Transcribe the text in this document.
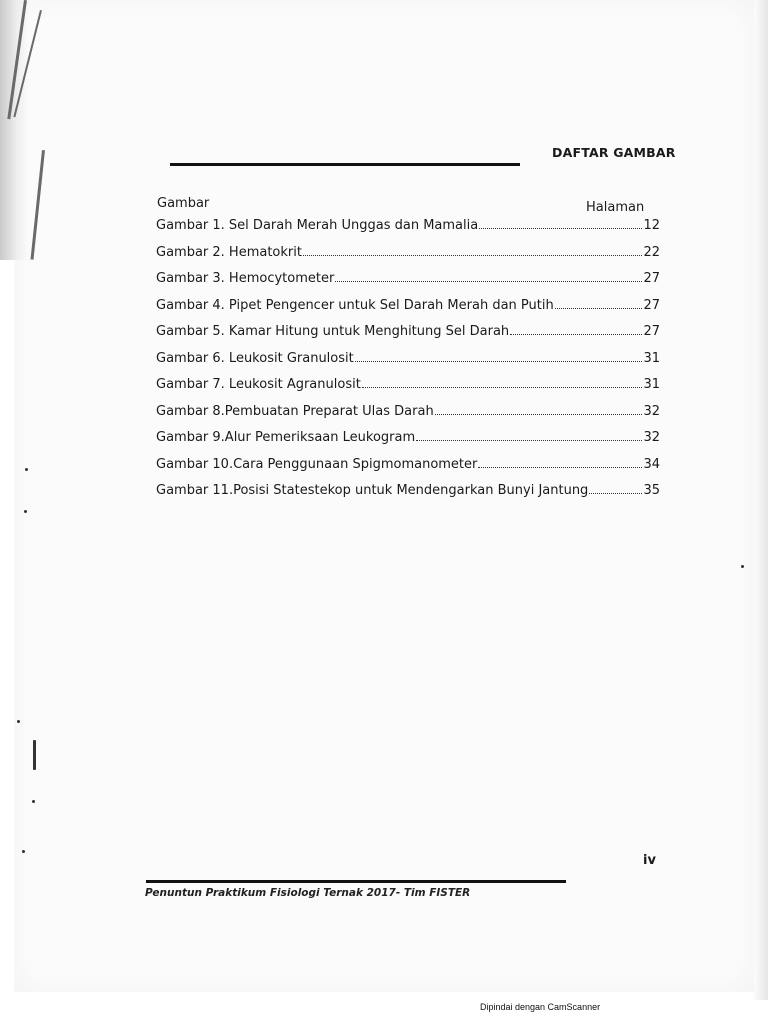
DAFTAR GAMBAR
Gambar	Halaman
Gambar 1. Sel Darah Merah Unggas dan Mamalia	12
Gambar 2. Hematokrit	22
Gambar 3. Hemocytometer	27
Gambar 4. Pipet Pengencer untuk Sel Darah Merah dan Putih	27
Gambar 5. Kamar Hitung untuk Menghitung Sel Darah	27
Gambar 6. Leukosit Granulosit	31
Gambar 7. Leukosit Agranulosit	31
Gambar 8.Pembuatan Preparat Ulas Darah	32
Gambar 9.Alur Pemeriksaan Leukogram	32
Gambar 10.Cara Penggunaan Spigmomanometer	34
Gambar 11.Posisi Statestekop untuk Mendengarkan Bunyi Jantung	35
iv
Penuntun Praktikum Fisiologi Ternak 2017- Tim FISTER
Dipindai dengan CamScanner
